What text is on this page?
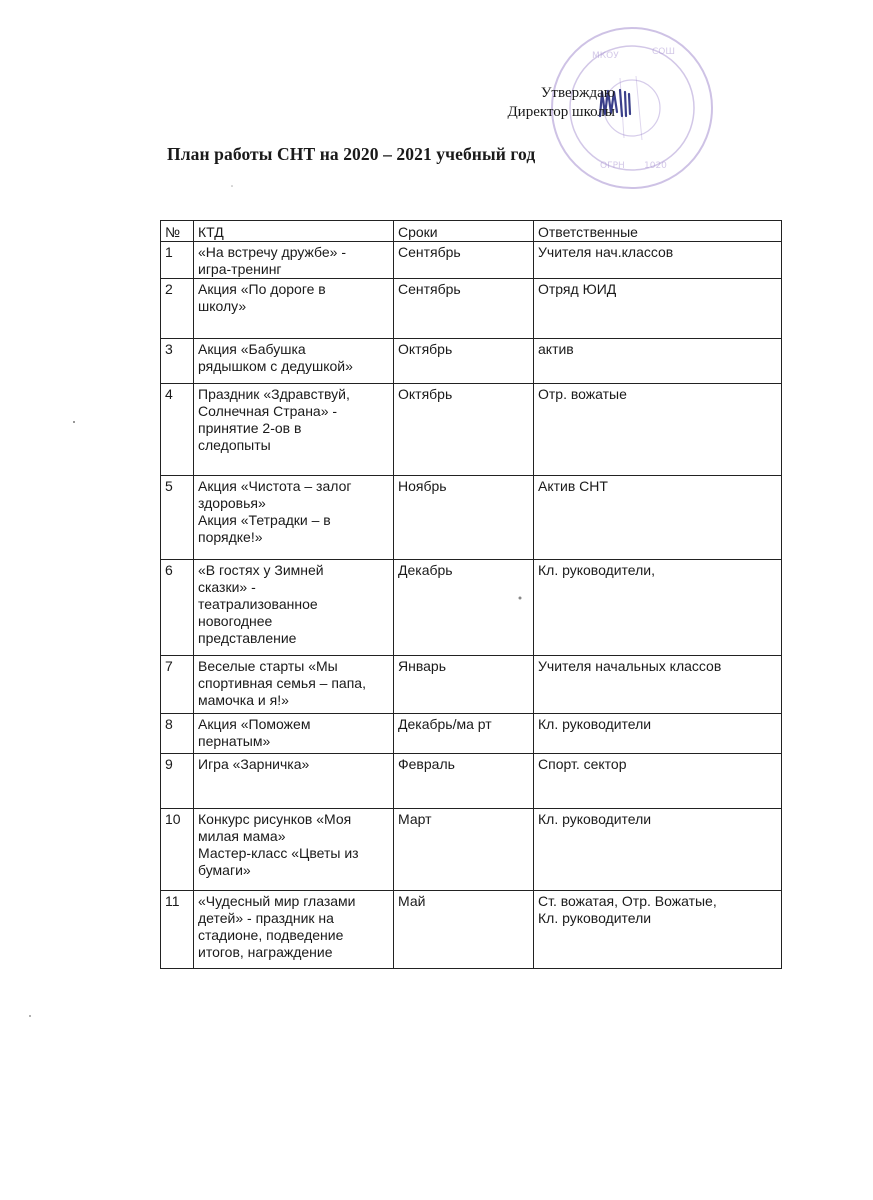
МКОУ	СОШ
ОГРН 1020
Утверждаю
Директор школы
План работы СНТ на 2020 – 2021 учебный год
№	КТД	Сроки	Ответственные
1	«На встречу дружбе» -
игра-тренинг	Сентябрь	Учителя нач.классов
2	Акция «По дороге в
школу»	Сентябрь	Отряд ЮИД
3	Акция «Бабушка
рядышком с дедушкой»	Октябрь	актив
4	Праздник «Здравствуй,
Солнечная Страна» -
принятие 2-ов в
следопыты	Октябрь	Отр. вожатые
5	Акция «Чистота – залог
здоровья»
Акция «Тетрадки – в
порядке!»	Ноябрь	Актив СНТ
6	«В гостях у Зимней
сказки» -
театрализованное
новогоднее
представление	Декабрь	Кл. руководители,
7	Веселые старты «Мы
спортивная семья – папа,
мамочка и я!»	Январь	Учителя начальных классов
8	Акция «Поможем
пернатым»	Декабрь/ма рт	Кл. руководители
9	Игра «Зарничка»	Февраль	Спорт. сектор
10	Конкурс рисунков «Моя
милая мама»
Мастер-класс «Цветы из
бумаги»	Март	Кл. руководители
11	«Чудесный мир глазами
детей» - праздник на
стадионе, подведение
итогов, награждение	Май	Ст. вожатая, Отр. Вожатые,
Кл. руководители
